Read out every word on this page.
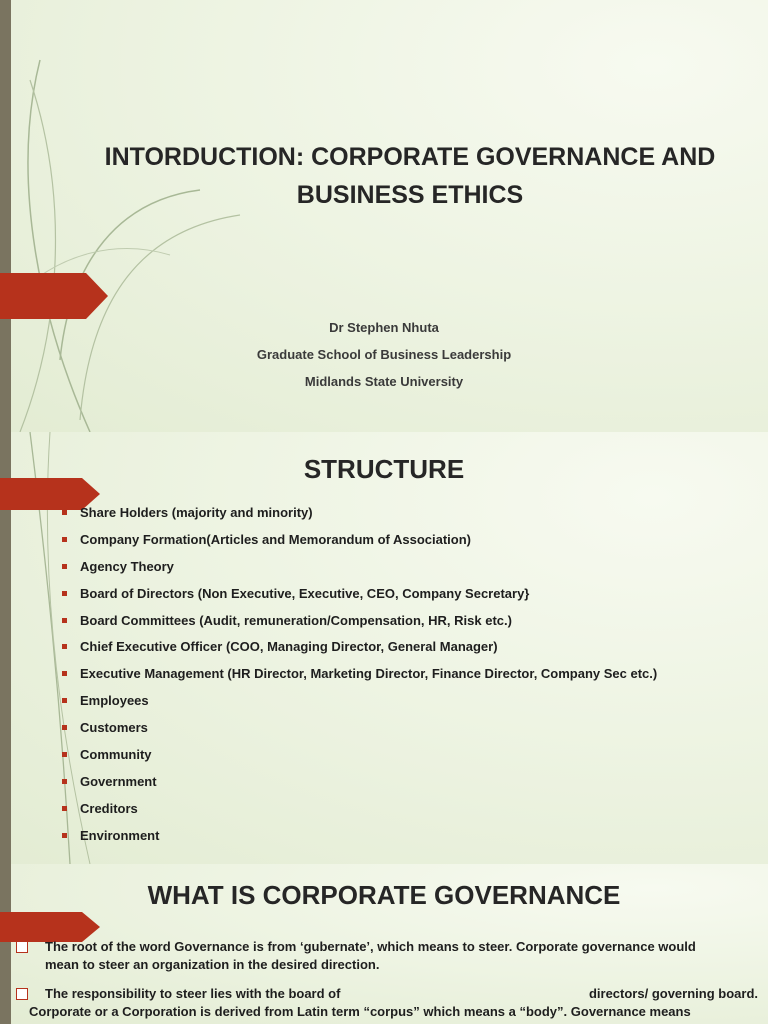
INTORDUCTION: CORPORATE GOVERNANCE AND
BUSINESS ETHICS
Dr Stephen Nhuta
Graduate School of Business Leadership
Midlands State University
STRUCTURE
Share Holders (majority and minority)
Company Formation(Articles and Memorandum of Association)
Agency Theory
Board of Directors (Non Executive, Executive, CEO, Company Secretary}
Board Committees (Audit, remuneration/Compensation, HR, Risk etc.)
Chief Executive Officer (COO, Managing Director, General Manager)
Executive Management (HR Director, Marketing Director, Finance Director, Company Sec etc.)
Employees
Customers
Community
Government
Creditors
Environment
WHAT IS CORPORATE GOVERNANCE
The root of the word Governance is from ‘gubernate’, which means to steer. Corporate governance would
mean to steer an organization in the desired direction.
The responsibility to steer lies with the board of	directors/ governing board.
Corporate or a Corporation is derived from Latin term “corpus” which means a “body”. Governance means
